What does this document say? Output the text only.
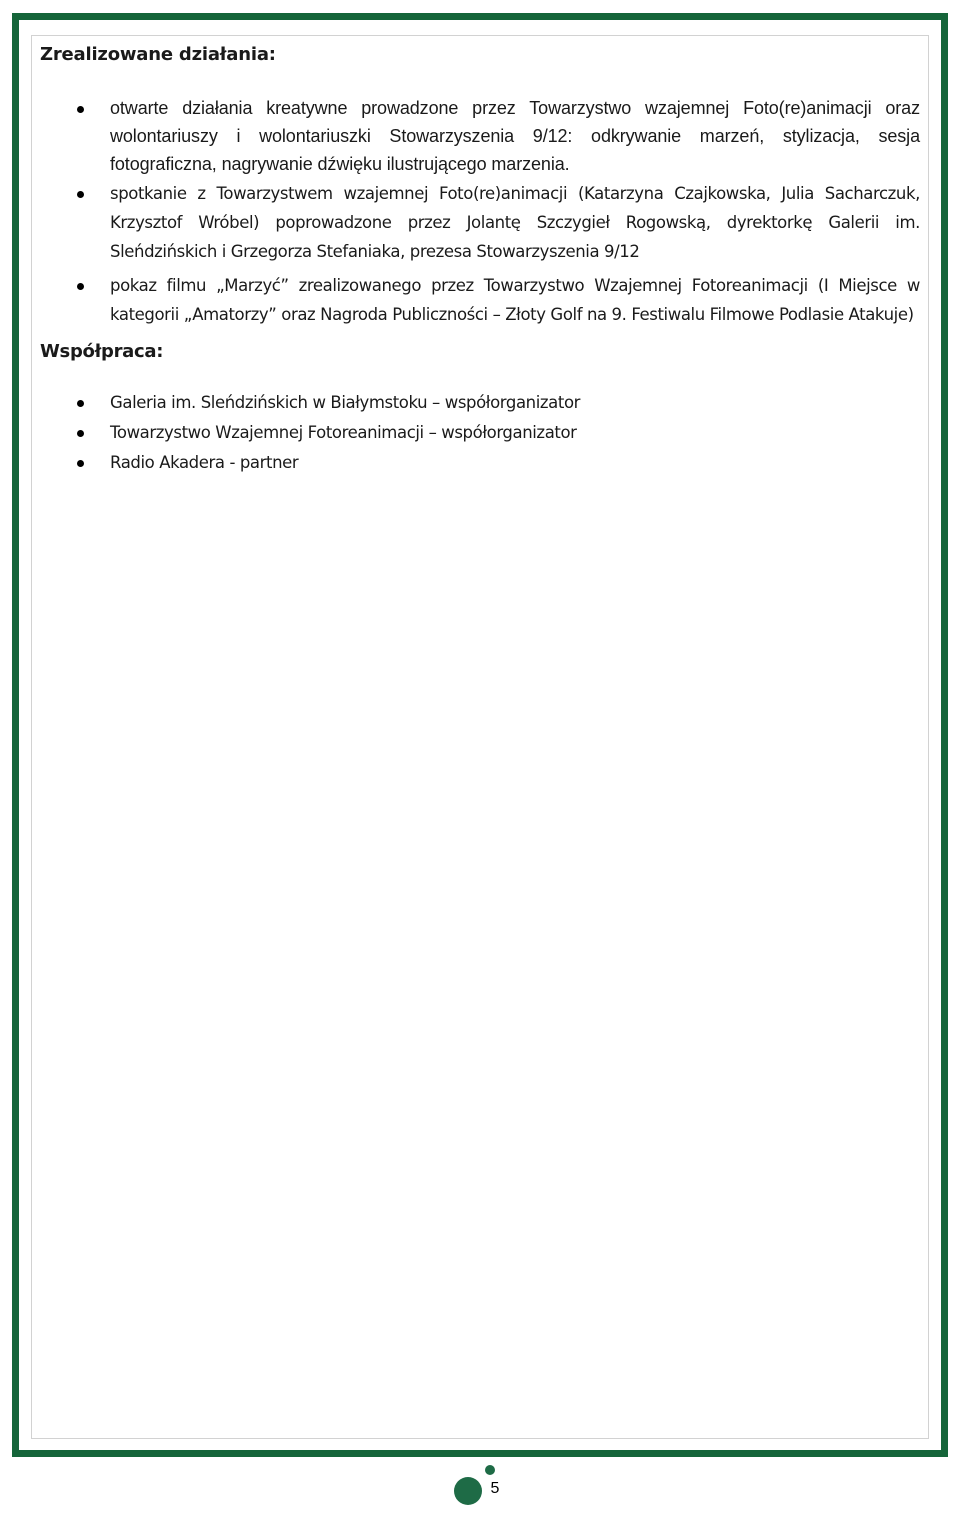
Zrealizowane działania:
otwarte działania kreatywne prowadzone przez Towarzystwo wzajemnej Foto(re)animacji oraz wolontariuszy i wolontariuszki Stowarzyszenia 9/12: odkrywanie marzeń, stylizacja, sesja fotograficzna, nagrywanie dźwięku ilustrującego marzenia.
spotkanie z Towarzystwem wzajemnej Foto(re)animacji (Katarzyna Czajkowska, Julia Sacharczuk, Krzysztof Wróbel) poprowadzone przez Jolantę Szczygieł Rogowską, dyrektorkę Galerii im. Sleńdzińskich i Grzegorza Stefaniaka, prezesa Stowarzyszenia 9/12
pokaz filmu „Marzyć” zrealizowanego przez Towarzystwo Wzajemnej Fotoreanimacji (I Miejsce w kategorii „Amatorzy” oraz Nagroda Publiczności – Złoty Golf na 9. Festiwalu Filmowe Podlasie Atakuje)
Współpraca:
Galeria im. Sleńdzińskich w Białymstoku – współorganizator
Towarzystwo Wzajemnej Fotoreanimacji – współorganizator
Radio Akadera - partner
5
